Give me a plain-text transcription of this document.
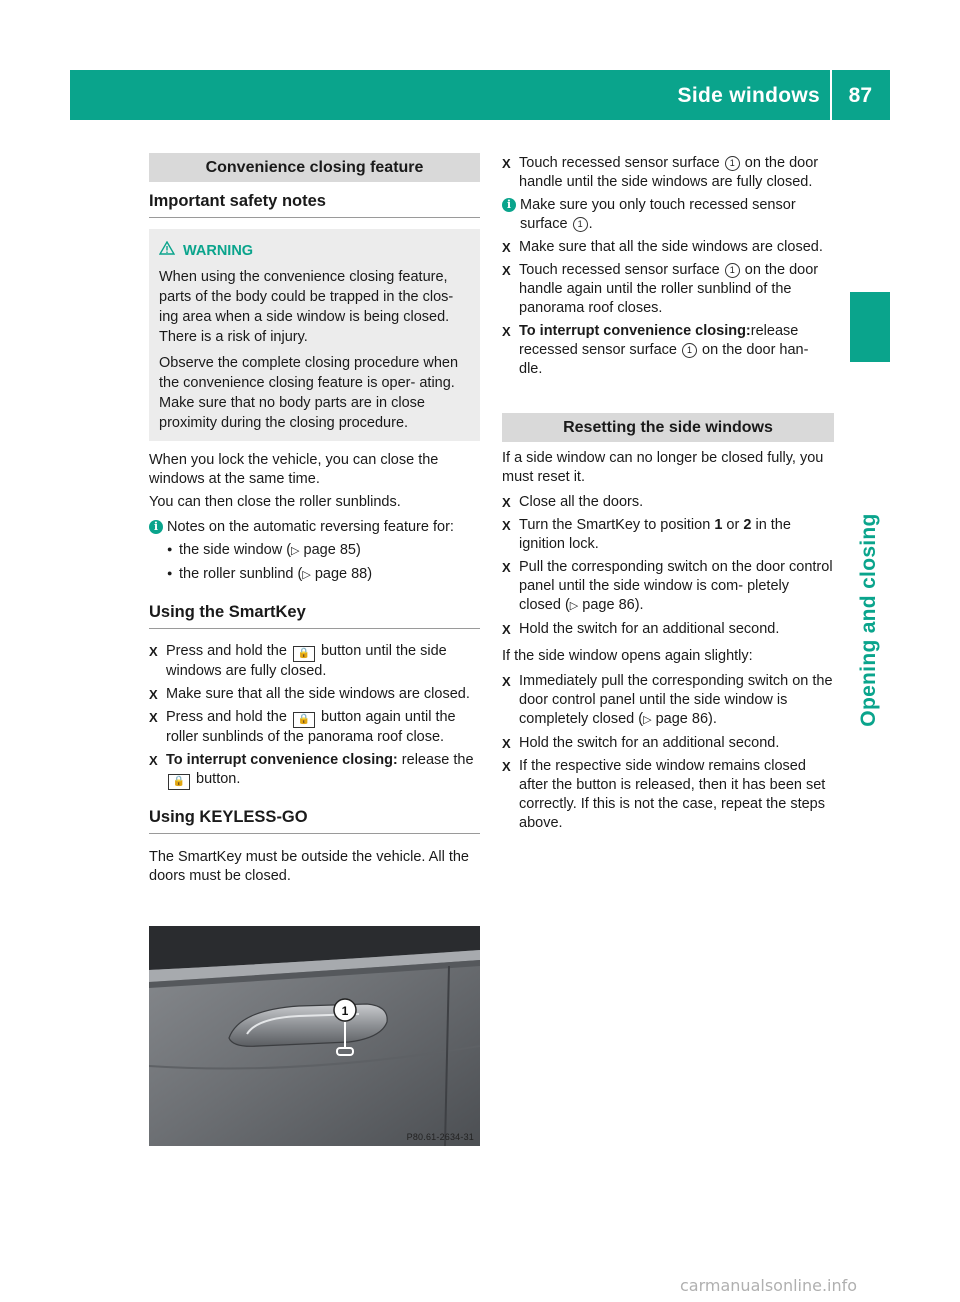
Side windows 87
Opening and closing
Convenience closing feature
Important safety notes
WARNING

When using the convenience closing feature, parts of the body could be trapped in the clos- ing area when a side window is being closed. There is a risk of injury.

Observe the complete closing procedure when the convenience closing feature is oper- ating. Make sure that no body parts are in close proximity during the closing procedure.

When you lock the vehicle, you can close the windows at the same time.

You can then close the roller sunblinds.

i Notes on the automatic reversing feature for:
● the side window (▷ page 85)
● the roller sunblind (▷ page 88)
Using the SmartKey
X Press and hold the 🔒 button until the side windows are fully closed.
X Make sure that all the side windows are closed.
X Press and hold the 🔒 button again until the roller sunblinds of the panorama roof close.
X To interrupt convenience closing: release the 🔒 button.
Using KEYLESS-GO

The SmartKey must be outside the vehicle. All the doors must be closed.

1
P80.61-2634-31
X Touch recessed sensor surface 1 on the door handle until the side windows are fully closed.
i Make sure you only touch recessed sensor surface 1 .
X Make sure that all the side windows are closed.
X Touch recessed sensor surface 1 on the door handle again until the roller sunblind of the panorama roof closes.
X To interrupt convenience closing:release recessed sensor surface 1 on the door han- dle.
Resetting the side windows

If a side window can no longer be closed fully, you must reset it.

X Close all the doors.
X Turn the SmartKey to position 1 or 2 in the ignition lock.
X Pull the corresponding switch on the door control panel until the side window is com- pletely closed (▷ page 86).
X Hold the switch for an additional second.

If the side window opens again slightly:

X Immediately pull the corresponding switch on the door control panel until the side window is completely closed (▷ page 86).
X Hold the switch for an additional second.
X If the respective side window remains closed after the button is released, then it has been set correctly. If this is not the case, repeat the steps above.
carmanualsonline.info
